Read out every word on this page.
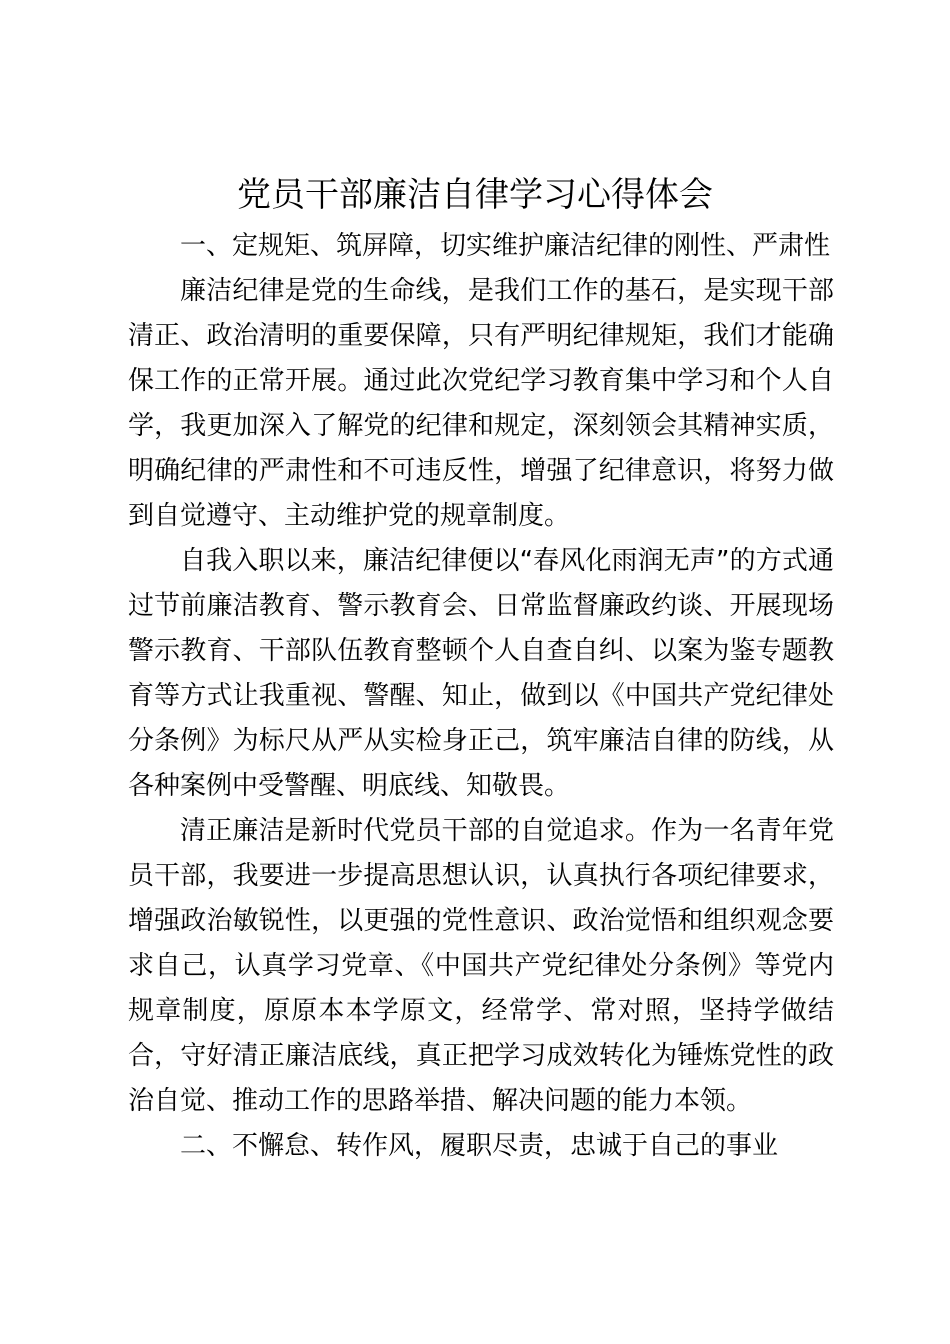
党员干部廉洁自律学习心得体会

一、定规矩、筑屏障，切实维护廉洁纪律的刚性、严肃性

廉洁纪律是党的生命线，是我们工作的基石，是实现干部清正、政治清明的重要保障，只有严明纪律规矩，我们才能确保工作的正常开展。通过此次党纪学习教育集中学习和个人自学，我更加深入了解党的纪律和规定，深刻领会其精神实质，明确纪律的严肃性和不可违反性，增强了纪律意识，将努力做到自觉遵守、主动维护党的规章制度。

自我入职以来，廉洁纪律便以“春风化雨润无声”的方式通过节前廉洁教育、警示教育会、日常监督廉政约谈、开展现场警示教育、干部队伍教育整顿个人自查自纠、以案为鉴专题教育等方式让我重视、警醒、知止，做到以《中国共产党纪律处分条例》为标尺从严从实检身正己，筑牢廉洁自律的防线，从各种案例中受警醒、明底线、知敬畏。

清正廉洁是新时代党员干部的自觉追求。作为一名青年党员干部，我要进一步提高思想认识，认真执行各项纪律要求，增强政治敏锐性，以更强的党性意识、政治觉悟和组织观念要求自己，认真学习党章、《中国共产党纪律处分条例》等党内规章制度，原原本本学原文，经常学、常对照，坚持学做结合，守好清正廉洁底线，真正把学习成效转化为锤炼党性的政治自觉、推动工作的思路举措、解决问题的能力本领。

二、不懈怠、转作风，履职尽责，忠诚于自己的事业
